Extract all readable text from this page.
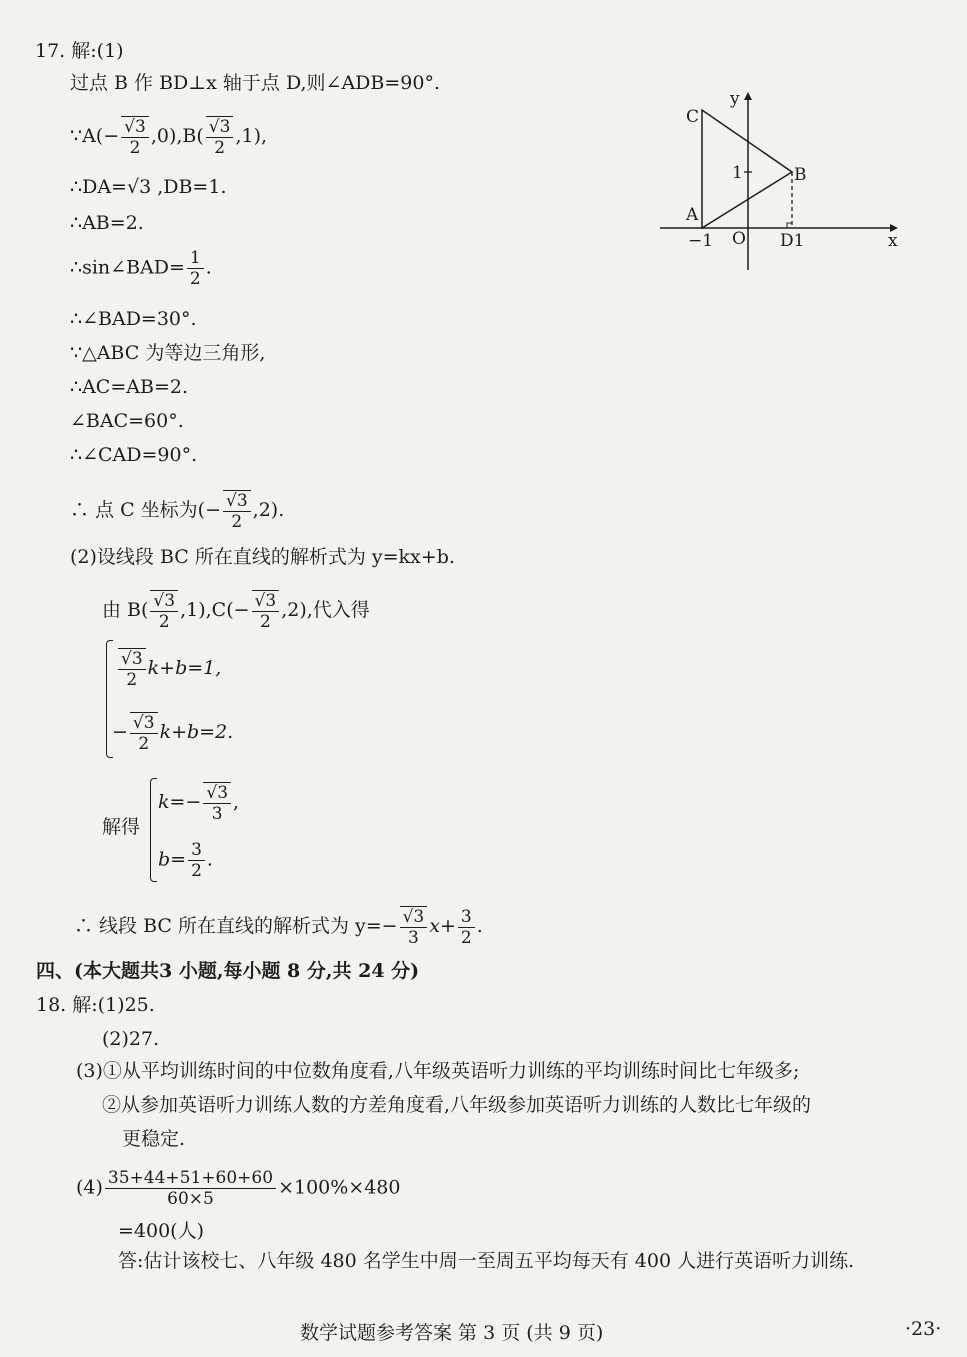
17. 解:(1)
过点 B 作 BD⊥x 轴于点 D,则∠ADB=90°.
∵A(− $\frac{√3}{2} ,0),B( \frac{√3}{2} ,1)$,
∴DA=√3 ,DB=1.
∴AB=2.
∴sin∠BAD= $\frac{1}{2}$ .
∴∠BAD=30°.
∵△ABC 为等边三角形,
∴AC=AB=2.
∠BAC=60°.
∴∠CAD=90°.
∴ 点 C 坐标为(− $\frac{√3}{2} ,2$).
(2)设线段 BC 所在直线的解析式为 y=kx+b.
由 $B( \frac{√3}{2} ,1),C(- \frac{√3}{2} ,2)$,代入得
$\frac{√3}{2} k+b=1$,
− $\frac{√3}{2} k+b=2$.
解得
$k=- \frac{√3}{3}$ ,
$b= \frac{3}{2}$ .
∴ 线段 BC 所在直线的解析式为 $y=- \frac{√3}{3} x+ \frac{3}{2}$ .
y
x
C
B
A
O D1
−1
1
四、(本大题共3 小题,每小题 8 分,共 24 分)
18. 解:(1)25.
(2)27.
(3)①从平均训练时间的中位数角度看,八年级英语听力训练的平均训练时间比七年级多;
②从参加英语听力训练人数的方差角度看,八年级参加英语听力训练的人数比七年级的
更稳定.
$(4) \frac{35+44+51+60+60}{60\times 5} \times 100\%\times 480$
=400(人)
答:估计该校七、八年级 480 名学生中周一至周五平均每天有 400 人进行英语听力训练.
数学试题参考答案 第 3 页 (共 9 页)	·23·
